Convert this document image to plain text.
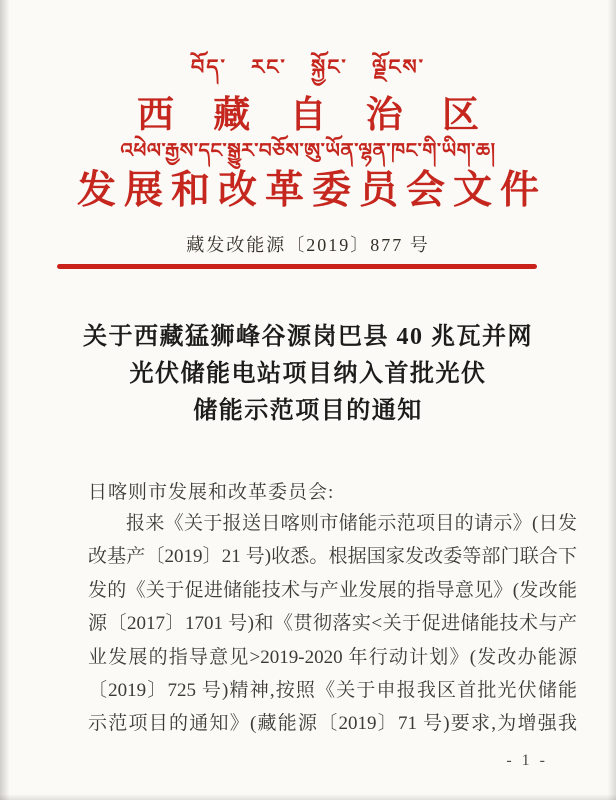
བོད་ རང་ སྐྱོང་ ལྗོངས་
西 藏 自 治 区
འཕེལ་རྒྱས་དང་སྒྱུར་བཅོས་ཨུ་ཡོན་ལྷན་ཁང་གི་ཡིག་ཆ།
发展和改革委员会文件
藏发改能源〔2019〕877 号
关于西藏猛狮峰谷源岗巴县 40 兆瓦并网
光伏储能电站项目纳入首批光伏
储能示范项目的通知
日喀则市发展和改革委员会:
报来《关于报送日喀则市储能示范项目的请示》(日发
改基产〔2019〕21 号)收悉。根据国家发改委等部门联合下
发的《关于促进储能技术与产业发展的指导意见》(发改能
源〔2017〕1701 号)和《贯彻落实<关于促进储能技术与产
业发展的指导意见>2019-2020 年行动计划》(发改办能源
〔2019〕725 号)精神,按照《关于申报我区首批光伏储能
示范项目的通知》(藏能源〔2019〕71 号)要求,为增强我
- 1 -
